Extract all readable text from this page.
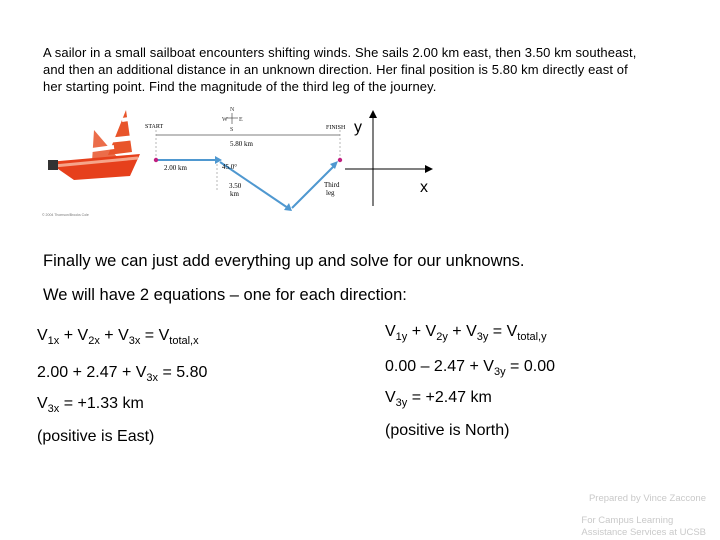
A sailor in a small sailboat encounters shifting winds. She sails 2.00 km east, then 3.50 km southeast,

and then an additional distance in an unknown direction. Her final position is 5.80 km directly east of

her starting point. Find the magnitude of the third leg of the journey.

N
W E
S
START	FINISH
5.80 km
2.00 km	45.0°
3.50
km
Third
leg
© 2004 Thomson/Brooks Cole
y
x
Finally we can just add everything up and solve for our unknowns.
We will have 2 equations – one for each direction:
$V_{1x} + V_{2x} + V_{3x} = V_{total,x}$
$2.00 + 2.47 + V_{3x} = 5.80$
$V_{3x} = +1.33$ km
(positive is East)
$V_{1y} + V_{2y} + V_{3y} = V_{total,y}$
$0.00 - 2.47 + V_{3y} = 0.00$
$V_{3y} = +2.47$ km
(positive is North)
Prepared by Vince Zaccone
For Campus Learning
Assistance Services at UCSB
